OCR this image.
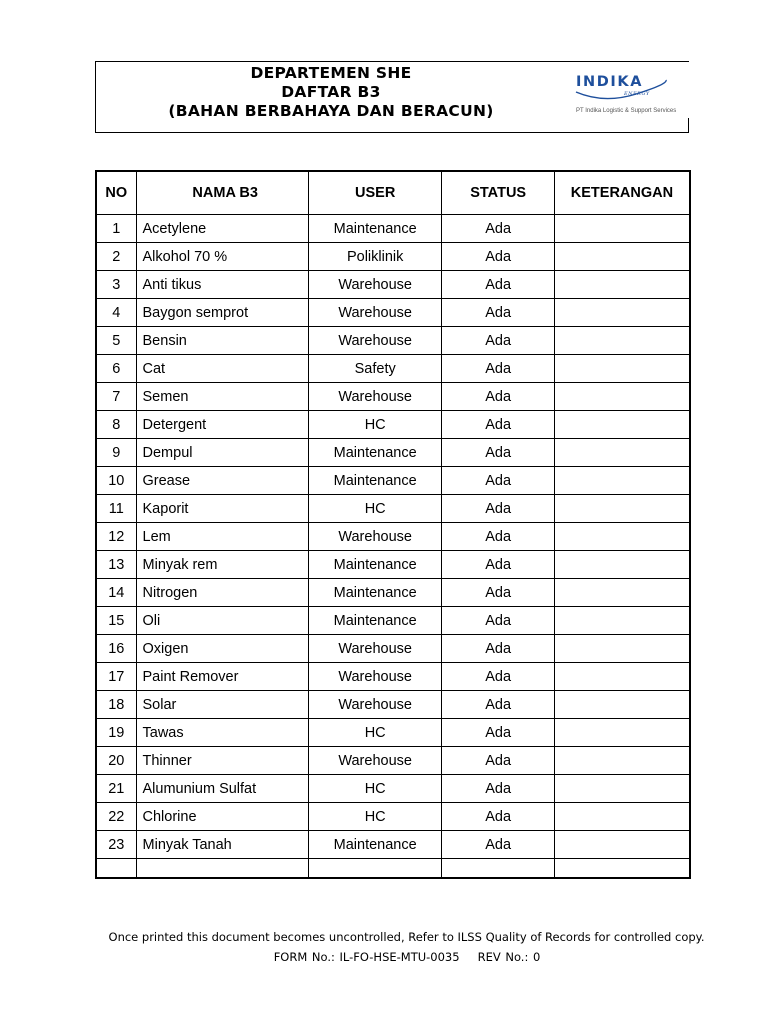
DEPARTEMEN SHE
DAFTAR B3
(BAHAN BERBAHAYA DAN BERACUN)
INDIKA
ENERGY
PT Indika Logistic & Support Services
NO	NAMA B3	USER	STATUS	KETERANGAN
1	Acetylene	Maintenance	Ada	
2	Alkohol 70 %	Poliklinik	Ada	
3	Anti tikus	Warehouse	Ada	
4	Baygon semprot	Warehouse	Ada	
5	Bensin	Warehouse	Ada	
6	Cat	Safety	Ada	
7	Semen	Warehouse	Ada	
8	Detergent	HC	Ada	
9	Dempul	Maintenance	Ada	
10	Grease	Maintenance	Ada	
11	Kaporit	HC	Ada	
12	Lem	Warehouse	Ada	
13	Minyak rem	Maintenance	Ada	
14	Nitrogen	Maintenance	Ada	
15	Oli	Maintenance	Ada	
16	Oxigen	Warehouse	Ada	
17	Paint Remover	Warehouse	Ada	
18	Solar	Warehouse	Ada	
19	Tawas	HC	Ada	
20	Thinner	Warehouse	Ada	
21	Alumunium Sulfat	HC	Ada	
22	Chlorine	HC	Ada	
23	Minyak Tanah	Maintenance	Ada	

Once printed this document becomes uncontrolled, Refer to ILSS Quality of Records for controlled copy.
FORM No.: IL-FO-HSE-MTU-0035 REV No.: 0
